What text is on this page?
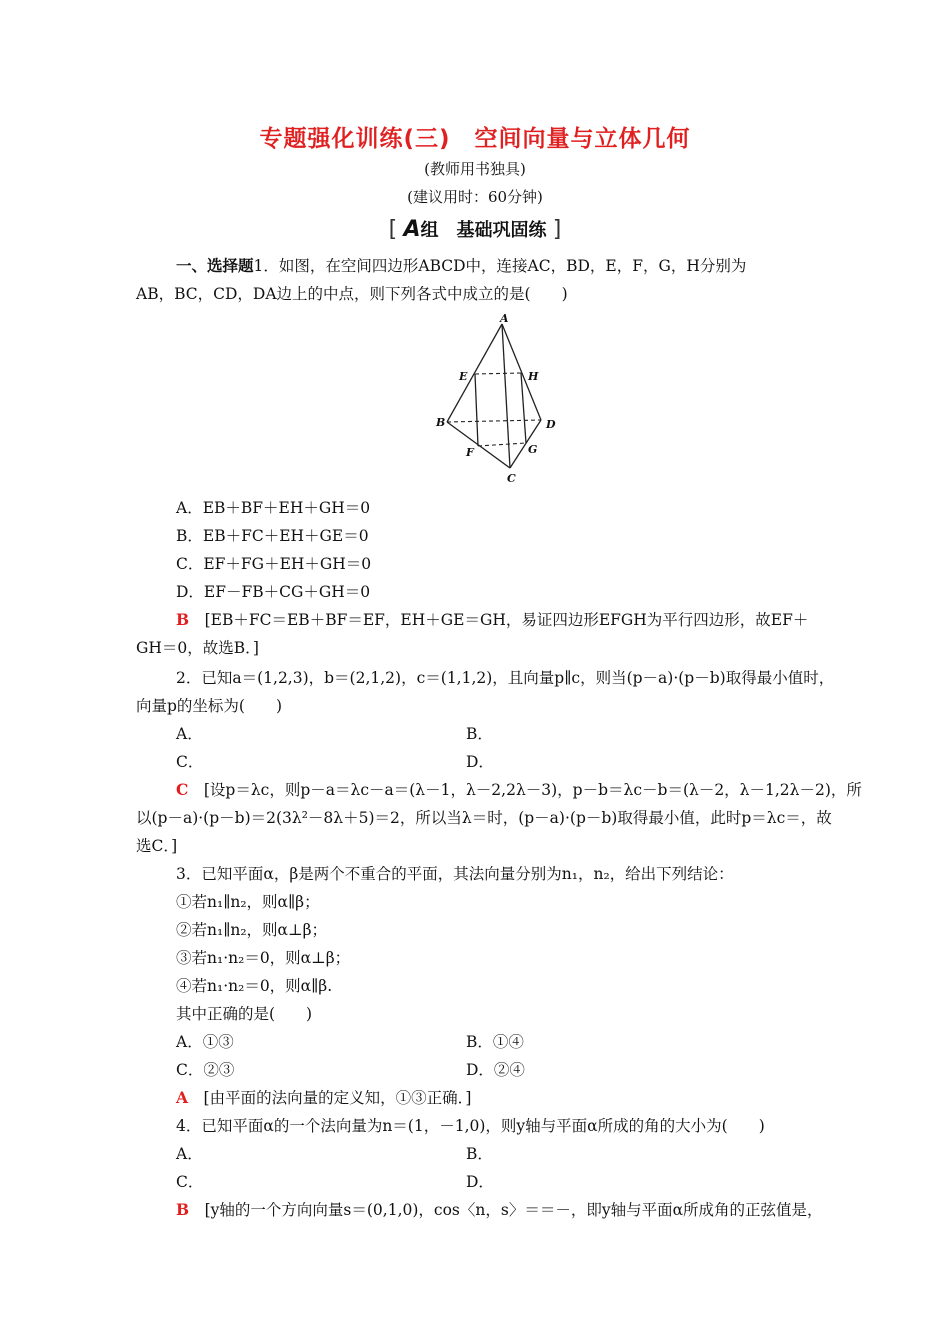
专题强化训练(三)　空间向量与立体几何
(教师用书独具)
(建议用时：60分钟)
[ A组　基础巩固练 ]
一、选择题1．如图，在空间四边形ABCD中，连接AC，BD，E，F，G，H分别为
AB，BC，CD，DA边上的中点，则下列各式中成立的是(　　)
A
E	H
B	D
F	G
C
A．EB＋BF＋EH＋GH＝0
B．EB＋FC＋EH＋GE＝0
C．EF＋FG＋EH＋GH＝0
D．EF－FB＋CG＋GH＝0
B　 [EB＋FC＝EB＋BF＝EF，EH＋GE＝GH，易证四边形EFGH为平行四边形，故EF＋
GH＝0，故选B．]
2．已知a＝(1,2,3)，b＝(2,1,2)，c＝(1,1,2)，且向量p∥c，则当(p－a)·(p－b)取得最小值时，
向量p的坐标为(　　)
A．	B．
C．	D．
C　 [设p＝λc，则p－a＝λc－a＝(λ－1，λ－2,2λ－3)，p－b＝λc－b＝(λ－2，λ－1,2λ－2)，所
以(p－a)·(p－b)＝2(3λ²－8λ＋5)＝2，所以当λ＝时，(p－a)·(p－b)取得最小值，此时p＝λc＝，故
选C．]
3．已知平面α，β是两个不重合的平面，其法向量分别为n₁，n₂，给出下列结论：
①若n₁∥n₂，则α∥β；
②若n₁∥n₂，则α⊥β；
③若n₁·n₂＝0，则α⊥β；
④若n₁·n₂＝0，则α∥β.
其中正确的是(　　)
A．①③	B．①④
C．②③	D．②④
A　 [由平面的法向量的定义知，①③正确．]
4．已知平面α的一个法向量为n＝(1，－1,0)，则y轴与平面α所成的角的大小为(　　)
A．	B．
C．	D．
B　 [y轴的一个方向向量s＝(0,1,0)，cos〈n，s〉＝＝－，即y轴与平面α所成角的正弦值是，
